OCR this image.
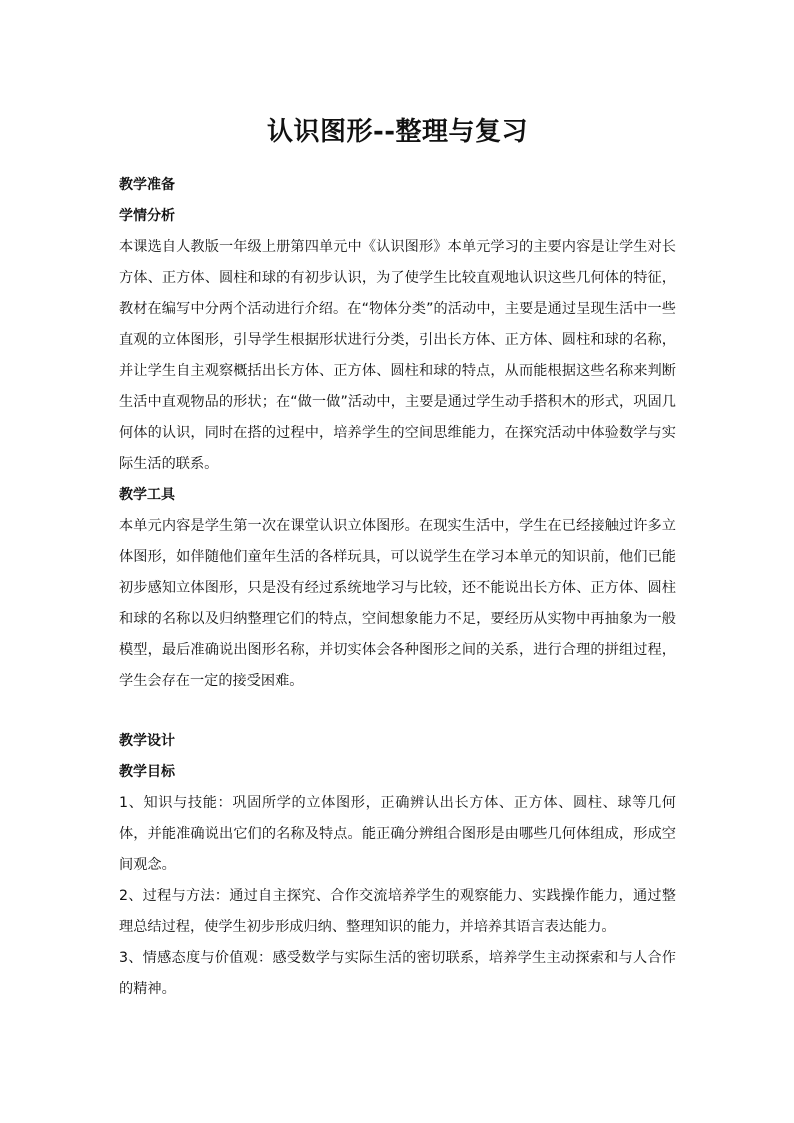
认识图形--整理与复习
教学准备
学情分析

本课选自人教版一年级上册第四单元中《认识图形》本单元学习的主要内容是让学生对长方体、正方体、圆柱和球的有初步认识，为了使学生比较直观地认识这些几何体的特征，教材在编写中分两个活动进行介绍。在“物体分类”的活动中，主要是通过呈现生活中一些直观的立体图形，引导学生根据形状进行分类，引出长方体、正方体、圆柱和球的名称，并让学生自主观察概括出长方体、正方体、圆柱和球的特点，从而能根据这些名称来判断生活中直观物品的形状；在“做一做”活动中，主要是通过学生动手搭积木的形式，巩固几何体的认识，同时在搭的过程中，培养学生的空间思维能力，在探究活动中体验数学与实际生活的联系。

教学工具

本单元内容是学生第一次在课堂认识立体图形。在现实生活中，学生在已经接触过许多立体图形，如伴随他们童年生活的各样玩具，可以说学生在学习本单元的知识前，他们已能初步感知立体图形，只是没有经过系统地学习与比较，还不能说出长方体、正方体、圆柱和球的名称以及归纳整理它们的特点，空间想象能力不足，要经历从实物中再抽象为一般模型，最后准确说出图形名称，并切实体会各种图形之间的关系，进行合理的拼组过程，学生会存在一定的接受困难。

教学设计
教学目标

1、知识与技能：巩固所学的立体图形，正确辨认出长方体、正方体、圆柱、球等几何体，并能准确说出它们的名称及特点。能正确分辨组合图形是由哪些几何体组成，形成空间观念。

2、过程与方法：通过自主探究、合作交流培养学生的观察能力、实践操作能力，通过整理总结过程，使学生初步形成归纳、整理知识的能力，并培养其语言表达能力。

3、情感态度与价值观：感受数学与实际生活的密切联系，培养学生主动探索和与人合作的精神。
